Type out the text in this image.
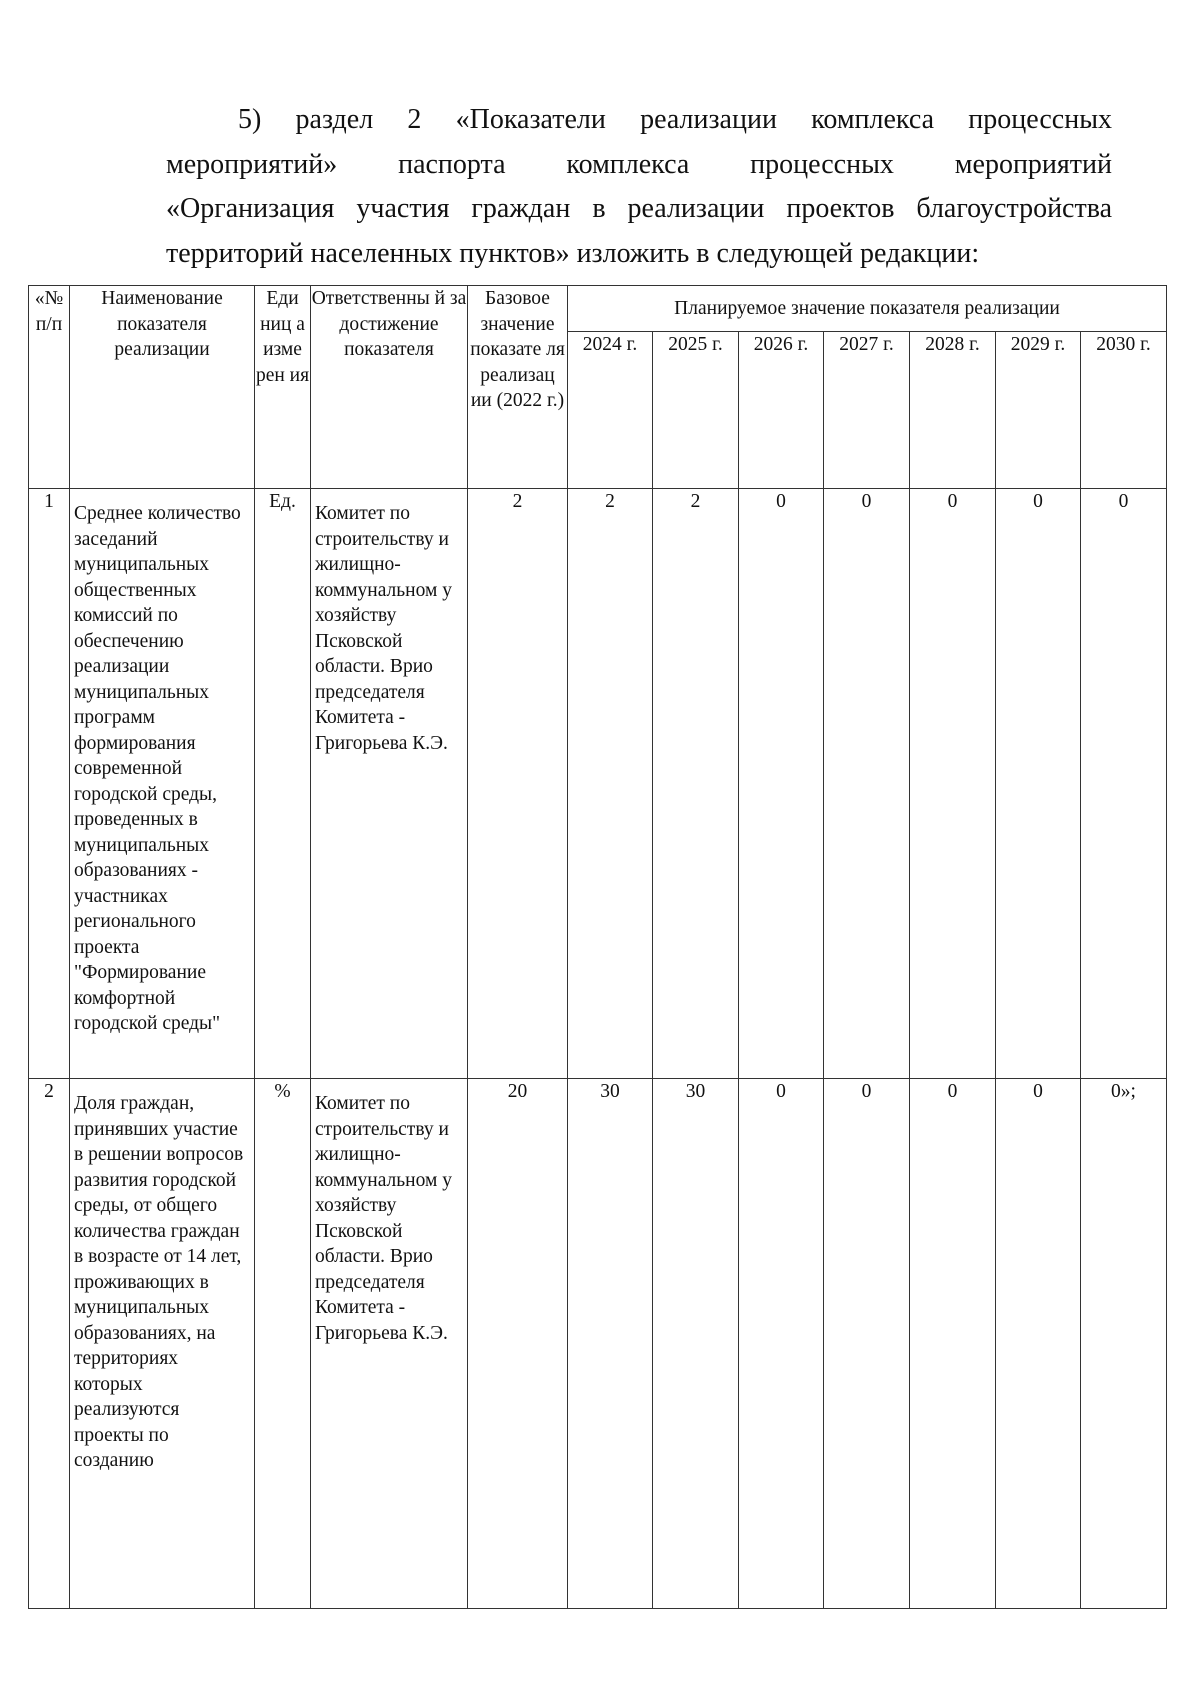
5) раздел 2 «Показатели реализации комплекса процессных
мероприятий» паспорта комплекса процессных мероприятий
«Организация участия граждан в реализации проектов благоустройства
территорий населенных пунктов» изложить в следующей редакции:
«№ п/п	Наименование показателя реализации	Еди ниц а изме рен ия	Ответственны й за достижение показателя	Базовое значение показате ля реализац ии (2022 г.)	Планируемое значение показателя реализации						
					2024 г.	2025 г.	2026 г.	2027 г.	2028 г.	2029 г.	2030 г.
1	Среднее количество заседаний муниципальных общественных комиссий по обеспечению реализации муниципальных программ формирования современной городской среды, проведенных в муниципальных образованиях - участниках регионального проекта "Формирование комфортной городской среды"	Ед.	Комитет по строительству и жилищно-коммунальном у хозяйству Псковской области. Врио председателя Комитета - Григорьева К.Э.	2	2	2	0	0	0	0	0
2	Доля граждан, принявших участие в решении вопросов развития городской среды, от общего количества граждан в возрасте от 14 лет, проживающих в муниципальных образованиях, на территориях которых реализуются проекты по созданию	%	Комитет по строительству и жилищно-коммунальном у хозяйству Псковской области. Врио председателя Комитета - Григорьева К.Э.	20	30	30	0	0	0	0	0»;
